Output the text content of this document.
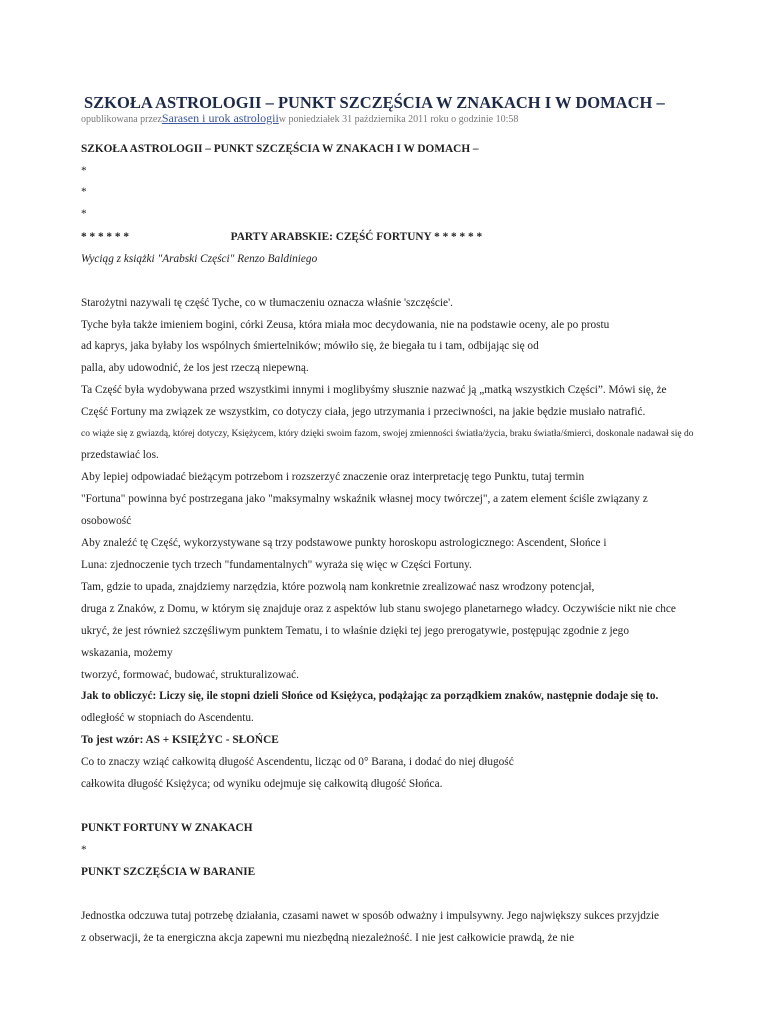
SZKOŁA ASTROLOGII – PUNKT SZCZĘŚCIA W ZNAKACH I W DOMACH –
opublikowana przezSarasen i urok astrologiiw poniedziałek 31 października 2011 roku o godzinie 10:58
SZKOŁA ASTROLOGII – PUNKT SZCZĘŚCIA W ZNAKACH I W DOMACH –
*
*
*
* * * * * *                                    PARTY ARABSKIE: CZĘŚĆ FORTUNY * * * * * *
Wyciąg z książki "Arabski Części" Renzo Baldiniego
Starożytni nazywali tę część Tyche, co w tłumaczeniu oznacza właśnie 'szczęście'.
Tyche była także imieniem bogini, córki Zeusa, która miała moc decydowania, nie na podstawie oceny, ale po prostu
ad kaprys, jaka byłaby los wspólnych śmiertelników; mówiło się, że biegała tu i tam, odbijając się od
palla, aby udowodnić, że los jest rzeczą niepewną.
Ta Część była wydobywana przed wszystkimi innymi i moglibyśmy słusznie nazwać ją „matką wszystkich Części”. Mówi się, że
Część Fortuny ma związek ze wszystkim, co dotyczy ciała, jego utrzymania i przeciwności, na jakie będzie musiało natrafić.
co wiąże się z gwiazdą, której dotyczy, Księżycem, który dzięki swoim fazom, swojej zmienności światła/życia, braku światła/śmierci, doskonale nadawał się do
przedstawiać los.
Aby lepiej odpowiadać bieżącym potrzebom i rozszerzyć znaczenie oraz interpretację tego Punktu, tutaj termin
"Fortuna" powinna być postrzegana jako "maksymalny wskaźnik własnej mocy twórczej", a zatem element ściśle związany z
osobowość
Aby znaleźć tę Część, wykorzystywane są trzy podstawowe punkty horoskopu astrologicznego: Ascendent, Słońce i
Luna: zjednoczenie tych trzech "fundamentalnych" wyraża się więc w Części Fortuny.
Tam, gdzie to upada, znajdziemy narzędzia, które pozwolą nam konkretnie zrealizować nasz wrodzony potencjał,
druga z Znaków, z Domu, w którym się znajduje oraz z aspektów lub stanu swojego planetarnego władcy. Oczywiście nikt nie chce
ukryć, że jest również szczęśliwym punktem Tematu, i to właśnie dzięki tej jego prerogatywie, postępując zgodnie z jego
wskazania, możemy
tworzyć, formować, budować, strukturalizować.
Jak to obliczyć: Liczy się, ile stopni dzieli Słońce od Księżyca, podążając za porządkiem znaków, następnie dodaje się to.
odległość w stopniach do Ascendentu.
To jest wzór: AS + KSIĘŻYC - SŁOŃCE
Co to znaczy wziąć całkowitą długość Ascendentu, licząc od 0° Barana, i dodać do niej długość
całkowita długość Księżyca; od wyniku odejmuje się całkowitą długość Słońca.
PUNKT FORTUNY W ZNAKACH
*
PUNKT SZCZĘŚCIA W BARANIE
Jednostka odczuwa tutaj potrzebę działania, czasami nawet w sposób odważny i impulsywny. Jego największy sukces przyjdzie
z obserwacji, że ta energiczna akcja zapewni mu niezbędną niezależność. I nie jest całkowicie prawdą, że nie
